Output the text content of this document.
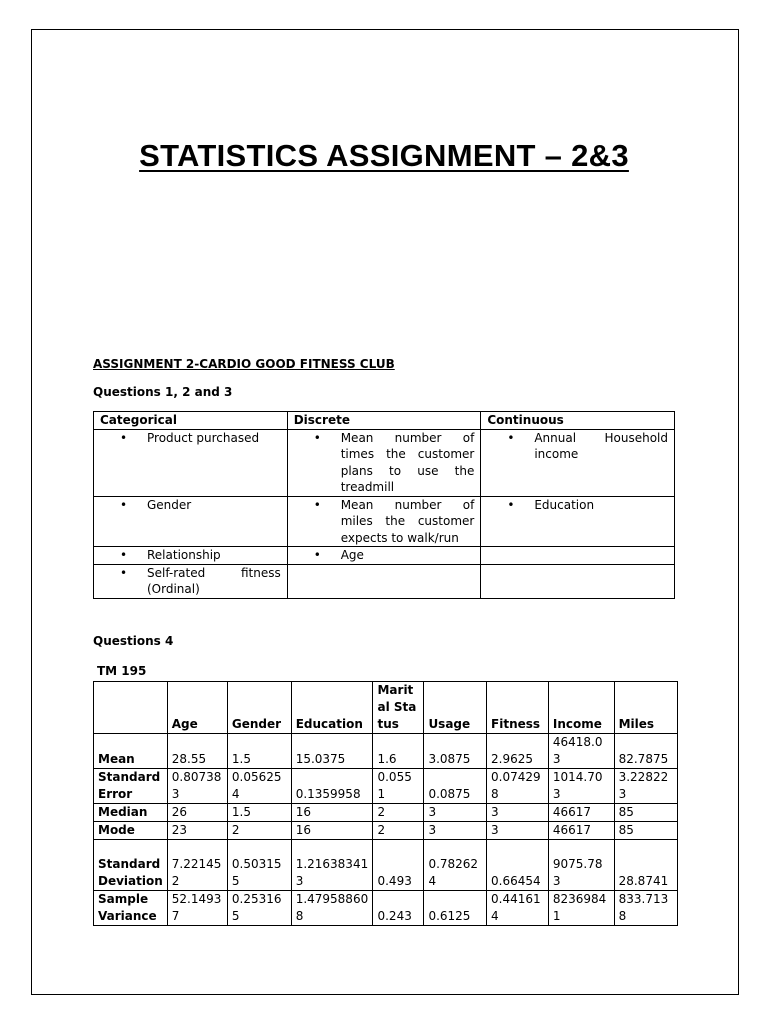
STATISTICS ASSIGNMENT – 2&3
ASSIGNMENT 2-CARDIO GOOD FITNESS CLUB
Questions 1, 2 and 3
Categorical	Discrete	Continuous

• Product purchased	• Mean number of times the customer plans to use the treadmill	• Annual Household income

• Gender	• Mean number of miles the customer expects to walk/run	• Education

• Relationship	• Age	

• Self-rated fitness (Ordinal)		

Questions 4
TM 195
	Age	Gender	Education	Marital Status	Usage	Fitness	Income	Miles
Mean	28.55	1.5	15.0375	1.6	3.0875	2.9625	46418.03	82.7875
Standard Error	0.807383	0.056254	0.1359958	0.0551	0.0875	0.074298	1014.703	3.228223
Median	26	1.5	16	2	3	3	46617	85
Mode	23	2	16	2	3	3	46617	85
Standard Deviation	7.221452	0.503155	1.216383413	0.493	0.782624	0.66454	9075.783	28.8741
Sample Variance	52.14937	0.253165	1.479588608	0.243	0.6125	0.441614	82369841	833.7138
